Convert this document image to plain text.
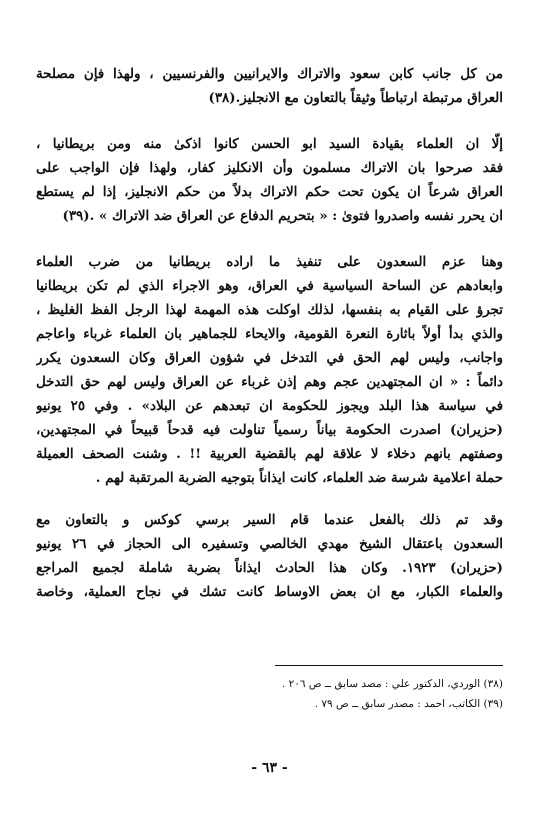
من كل جانب كابن سعود والاتراك والايرانيين والفرنسيين ، ولهذا فإن مصلحة
العراق مرتبطة ارتباطاً وثيقاً بالتعاون مع الانجليز.(٣٨)
إلّا ان العلماء بقيادة السيد ابو الحسن كانوا اذكىٰ منه ومن بريطانيا ،
فقد صرحوا بان الاتراك مسلمون وأن الانكليز كفار، ولهذا فإن الواجب على
العراق شرعاً ان يكون تحت حكم الاتراك بدلاً من حكم الانجليز، إذا لم يستطع
ان يحرر نفسه واصدروا فتوىٰ : « بتحريم الدفاع عن العراق ضد الاتراك » .(٣٩)
وهنا عزم السعدون على تنفيذ ما اراده بريطانيا من ضرب العلماء
وابعادهم عن الساحة السياسية في العراق، وهو الاجراء الذي لم تكن بريطانيا
تجرؤ على القيام به بنفسها، لذلك اوكلت هذه المهمة لهذا الرجل الفظ الغليظ ،
والذي بدأ أولاً باثارة النعرة القومية، والايحاء للجماهير بان العلماء غرباء واعاجم
واجانب، وليس لهم الحق في التدخل في شؤون العراق وكان السعدون يكرر
دائماً : « ان المجتهدين عجم وهم إذن غرباء عن العراق وليس لهم حق التدخل
في سياسة هذا البلد ويجوز للحكومة ان تبعدهم عن البلاد» . وفي ٢٥ يونيو
(حزيران) اصدرت الحكومة بياناً رسمياً تناولت فيه قدحاً قبيحاً في المجتهدين،
وصفتهم بانهم دخلاء لا علاقة لهم بالقضية العربية !! . وشنت الصحف العميلة
حملة اعلامية شرسة ضد العلماء، كانت ايذاناً بتوجيه الضربة المرتقبة لهم .
وقد تم ذلك بالفعل عندما قام السير برسي كوكس و بالتعاون مع
السعدون باعتقال الشيخ مهدي الخالصي وتسفيره الى الحجاز في ٢٦ يونيو
(حزيران) ١٩٢٣. وكان هذا الحادث ايذاناً بضربة شاملة لجميع المراجع
والعلماء الكبار، مع ان بعض الاوساط كانت تشك في نجاح العملية، وخاصة
(٣٨) الوردي، الدكتور علي : مصد سابق ــ ص ٢٠٦ .
(٣٩) الكاتب، احمد : مصدر سابق ــ ص ٧٩ .
- ٦٣ -
